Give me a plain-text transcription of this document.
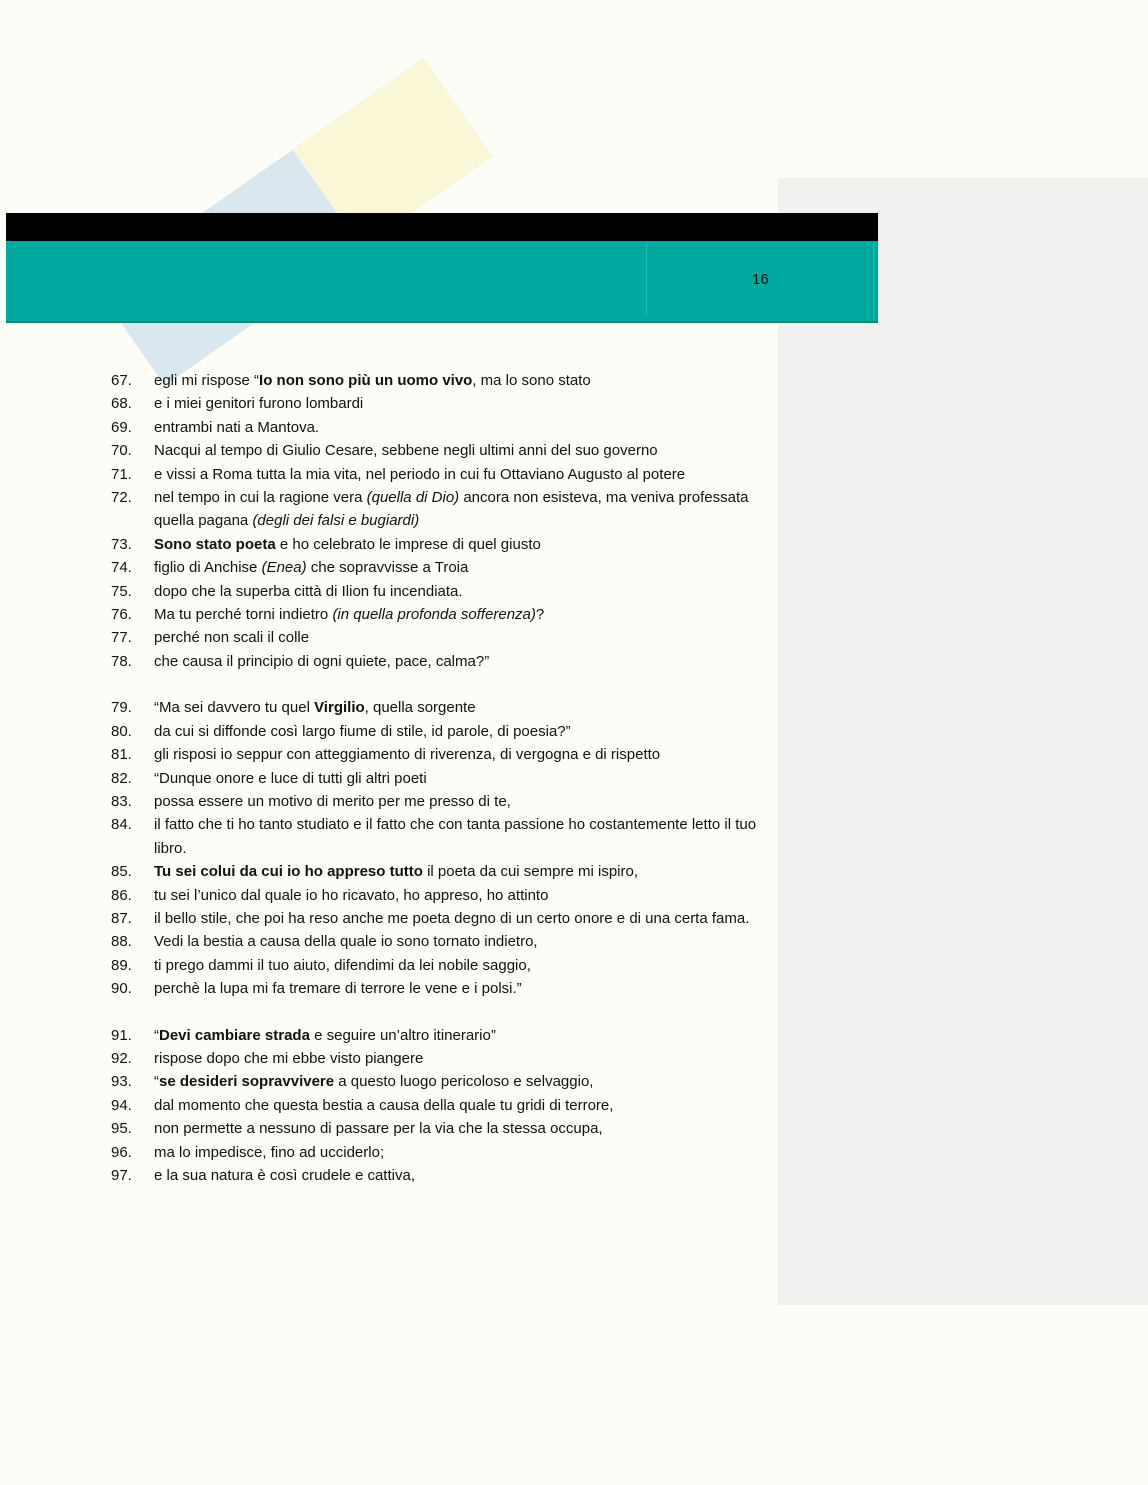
16
67.	egli mi rispose “Io non sono più un uomo vivo, ma lo sono stato
68.	e i miei genitori furono lombardi
69.	entrambi nati a Mantova.
70.	Nacqui al tempo di Giulio Cesare, sebbene negli ultimi anni del suo governo
71.	e vissi a Roma tutta la mia vita, nel periodo in cui fu Ottaviano Augusto al potere
72.	nel tempo in cui la ragione vera (quella di Dio) ancora non esisteva, ma veniva professata quella pagana (degli dei falsi e bugiardi)
73.	Sono stato poeta e ho celebrato le imprese di quel giusto
74.	figlio di Anchise (Enea) che sopravvisse a Troia
75.	dopo che la superba città di Ilion fu incendiata.
76.	Ma tu perché torni indietro (in quella profonda sofferenza)?
77.	perché non scali il colle
78.	che causa il principio di ogni quiete, pace, calma?”
79.	“Ma sei davvero tu quel Virgilio, quella sorgente
80.	da cui si diffonde così largo fiume di stile, id parole, di poesia?”
81.	gli risposi io seppur con atteggiamento di riverenza, di vergogna e di rispetto
82.	“Dunque onore e luce di tutti gli altri poeti
83.	possa essere un motivo di merito per me presso di te,
84.	il fatto che ti ho tanto studiato e il fatto che con tanta passione ho costantemente letto il tuo libro.
85.	Tu sei colui da cui io ho appreso tutto il poeta da cui sempre mi ispiro,
86.	tu sei l’unico dal quale io ho ricavato, ho appreso, ho attinto
87.	il bello stile, che poi ha reso anche me poeta degno di un certo onore e di una certa fama.
88.	Vedi la bestia a causa della quale io sono tornato indietro,
89.	ti prego dammi il tuo aiuto, difendimi da lei nobile saggio,
90.	perchè la lupa mi fa tremare di terrore le vene e i polsi.”
91.	“Devi cambiare strada e seguire un’altro itinerario”
92.	rispose dopo che mi ebbe visto piangere
93.	“se desideri sopravvivere a questo luogo pericoloso e selvaggio,
94.	dal momento che questa bestia a causa della quale tu gridi di terrore,
95.	non permette a nessuno di passare per la via che la stessa occupa,
96.	ma lo impedisce, fino ad ucciderlo;
97.	e la sua natura è così crudele e cattiva,
